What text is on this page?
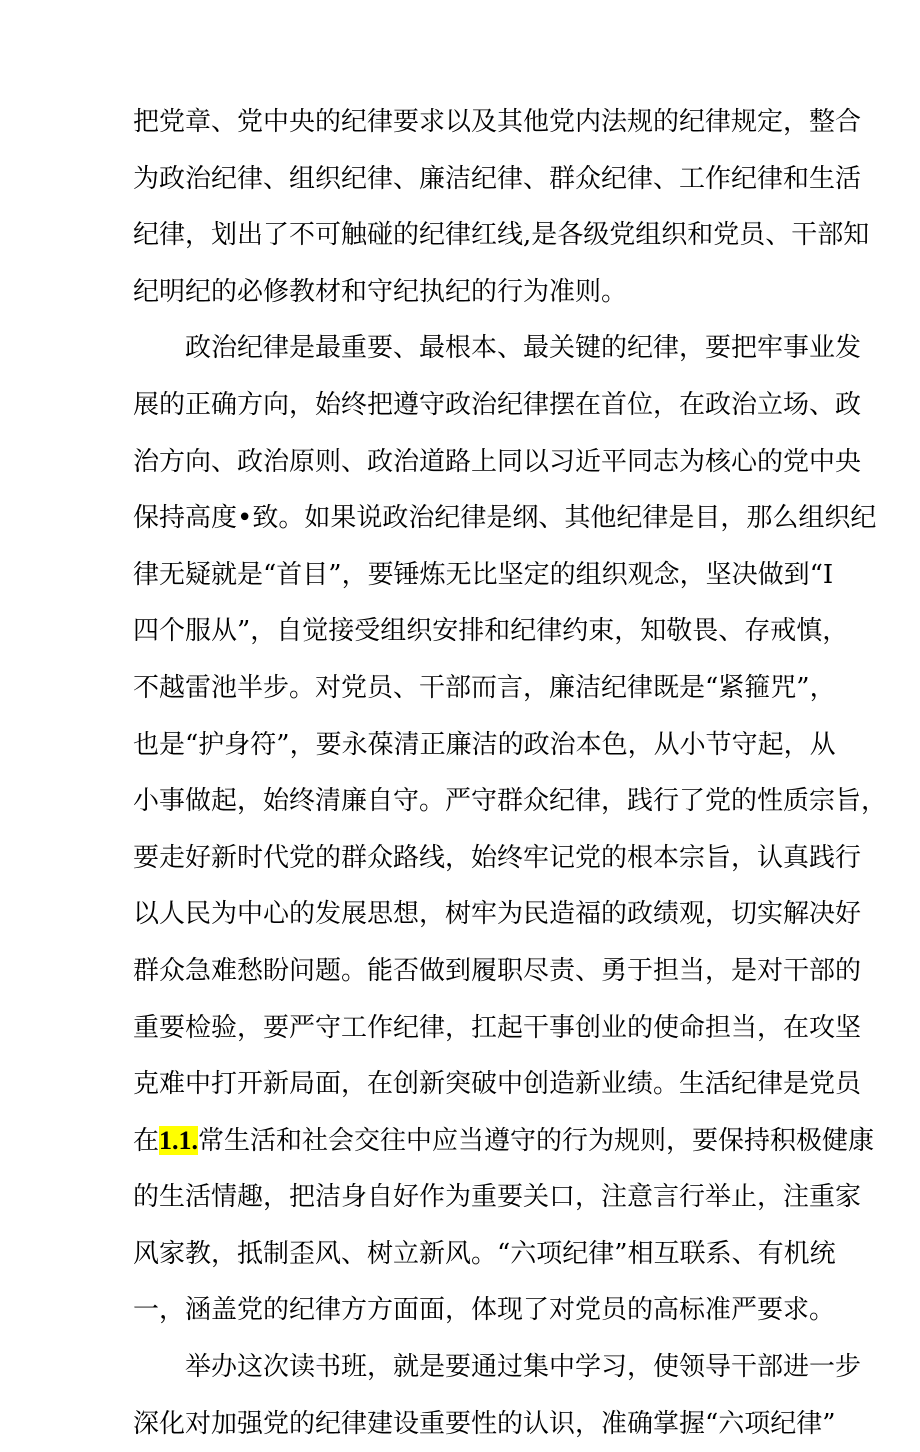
把党章、党中央的纪律要求以及其他党内法规的纪律规定，整合
为政治纪律、组织纪律、廉洁纪律、群众纪律、工作纪律和生活
纪律，划出了不可触碰的纪律红线,是各级党组织和党员、干部知
纪明纪的必修教材和守纪执纪的行为准则。
政治纪律是最重要、最根本、最关键的纪律，要把牢事业发
展的正确方向，始终把遵守政治纪律摆在首位，在政治立场、政
治方向、政治原则、政治道路上同以习近平同志为核心的党中央
保持高度•致。如果说政治纪律是纲、其他纪律是目，那么组织纪
律无疑就是“首目”，要锤炼无比坚定的组织观念，坚决做到“I
四个服从”，自觉接受组织安排和纪律约束，知敬畏、存戒慎，
不越雷池半步。对党员、干部而言，廉洁纪律既是“紧箍咒”，
也是“护身符”，要永葆清正廉洁的政治本色，从小节守起，从
小事做起，始终清廉自守。严守群众纪律，践行了党的性质宗旨，
要走好新时代党的群众路线，始终牢记党的根本宗旨，认真践行
以人民为中心的发展思想，树牢为民造福的政绩观，切实解决好
群众急难愁盼问题。能否做到履职尽责、勇于担当，是对干部的
重要检验，要严守工作纪律，扛起干事创业的使命担当，在攻坚
克难中打开新局面，在创新突破中创造新业绩。生活纪律是党员
在1.1.常生活和社会交往中应当遵守的行为规则，要保持积极健康
的生活情趣，把洁身自好作为重要关口，注意言行举止，注重家
风家教，抵制歪风、树立新风。“六项纪律”相互联系、有机统
一，涵盖党的纪律方方面面，体现了对党员的高标准严要求。
举办这次读书班，就是要通过集中学习，使领导干部进一步
深化对加强党的纪律建设重要性的认识，准确掌握“六项纪律”
